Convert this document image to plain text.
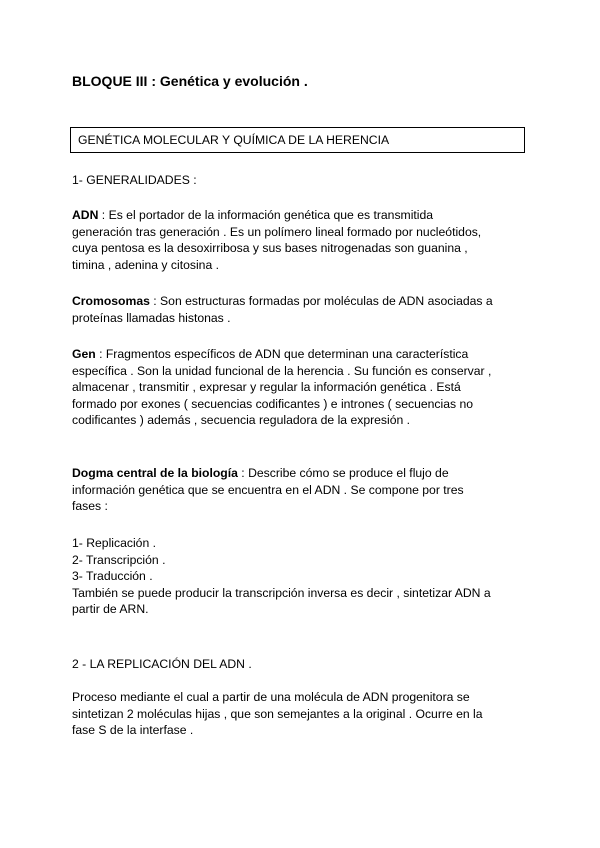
BLOQUE III : Genética y evolución .
GENÉTICA MOLECULAR Y QUÍMICA DE LA HERENCIA
1- GENERALIDADES :
ADN : Es el portador de la información genética que es transmitida
generación tras generación . Es un polímero lineal formado por nucleótidos,
cuya pentosa es la desoxirribosa y sus bases nitrogenadas son guanina ,
timina , adenina y citosina .
Cromosomas : Son estructuras formadas por moléculas de ADN asociadas a
proteínas llamadas histonas .
Gen : Fragmentos específicos de ADN que determinan una característica
específica . Son la unidad funcional de la herencia . Su función es conservar ,
almacenar , transmitir , expresar y regular la información genética . Está
formado por exones ( secuencias codificantes ) e intrones ( secuencias no
codificantes ) además , secuencia reguladora de la expresión .
Dogma central de la biología : Describe cómo se produce el flujo de
información genética que se encuentra en el ADN . Se compone por tres
fases :
1- Replicación .
2- Transcripción .
3- Traducción .
También se puede producir la transcripción inversa es decir , sintetizar ADN a
partir de ARN.
2 - LA REPLICACIÓN DEL ADN .
Proceso mediante el cual a partir de una molécula de ADN progenitora se
sintetizan 2 moléculas hijas , que son semejantes a la original . Ocurre en la
fase S de la interfase .
